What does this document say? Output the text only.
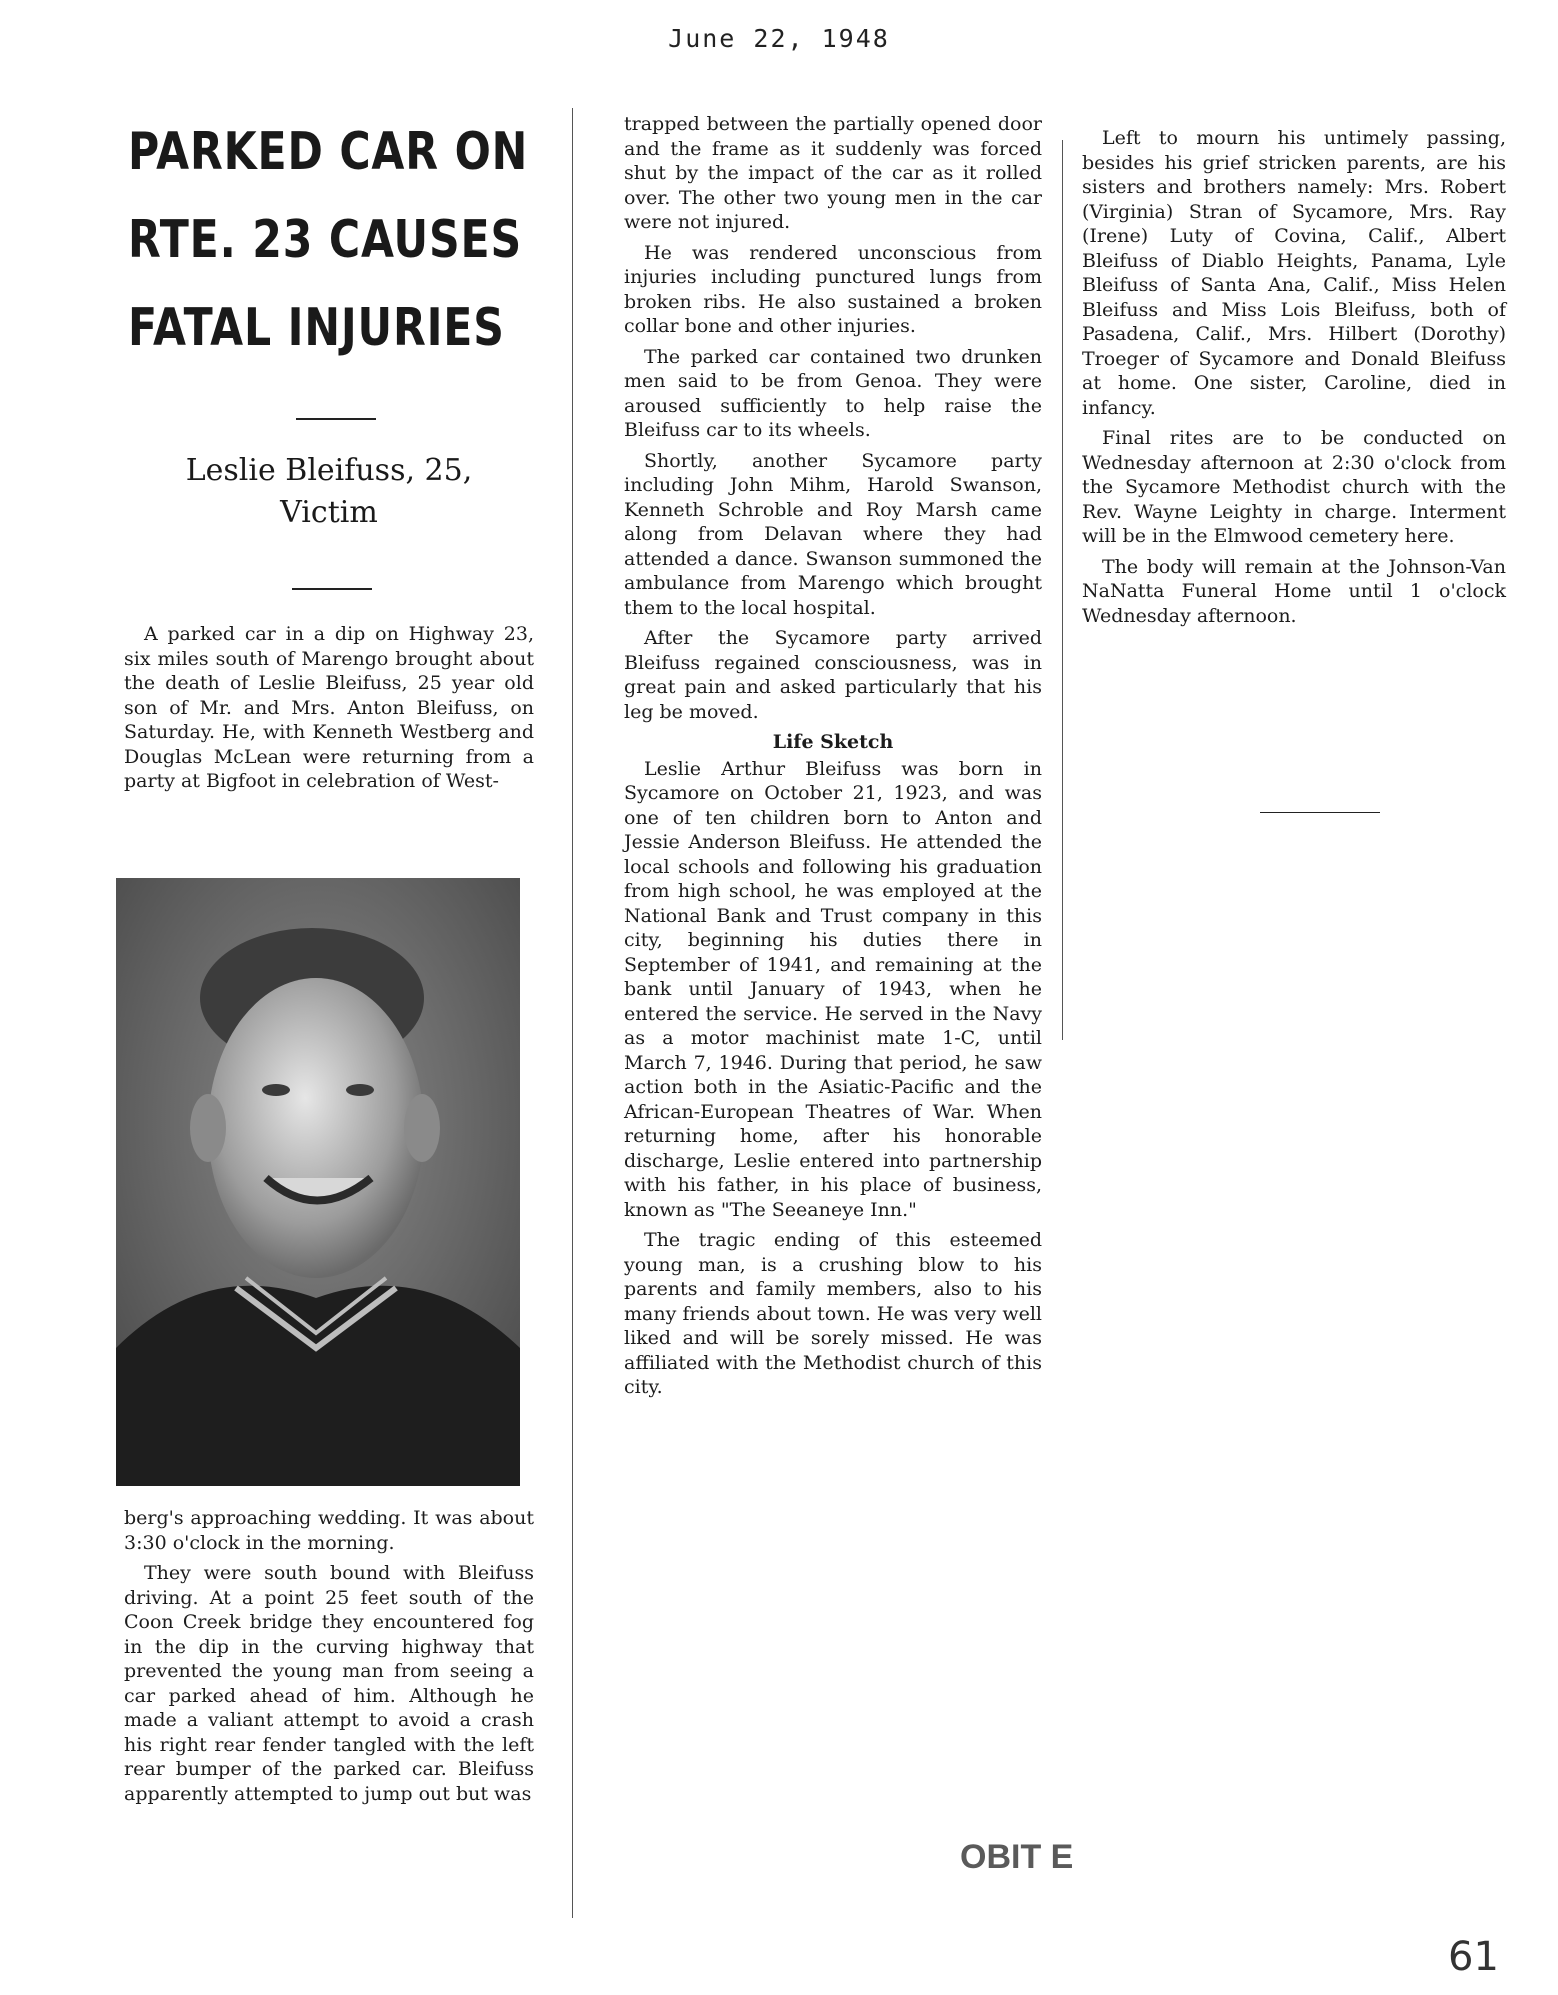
June 22, 1948
PARKED CAR ON
RTE. 23 CAUSES
FATAL INJURIES
Leslie Bleifuss, 25,
Victim

A parked car in a dip on Highway 23, six miles south of Marengo brought about the death of Leslie Bleifuss, 25 year old son of Mr. and Mrs. Anton Bleifuss, on Saturday. He, with Kenneth Westberg and Douglas McLean were returning from a party at Bigfoot in celebration of West-

berg's approaching wedding. It was about 3:30 o'clock in the morning.

They were south bound with Bleifuss driving. At a point 25 feet south of the Coon Creek bridge they encountered fog in the dip in the curving highway that prevented the young man from seeing a car parked ahead of him. Although he made a valiant attempt to avoid a crash his right rear fender tangled with the left rear bumper of the parked car. Bleifuss apparently attempted to jump out but was

trapped between the partially opened door and the frame as it suddenly was forced shut by the impact of the car as it rolled over. The other two young men in the car were not injured.

He was rendered unconscious from injuries including punctured lungs from broken ribs. He also sustained a broken collar bone and other injuries.

The parked car contained two drunken men said to be from Genoa. They were aroused sufficiently to help raise the Bleifuss car to its wheels.

Shortly, another Sycamore party including John Mihm, Harold Swanson, Kenneth Schroble and Roy Marsh came along from Delavan where they had attended a dance. Swanson summoned the ambulance from Marengo which brought them to the local hospital.

After the Sycamore party arrived Bleifuss regained consciousness, was in great pain and asked particularly that his leg be moved.

Life Sketch

Leslie Arthur Bleifuss was born in Sycamore on October 21, 1923, and was one of ten children born to Anton and Jessie Anderson Bleifuss. He attended the local schools and following his graduation from high school, he was employed at the National Bank and Trust company in this city, beginning his duties there in September of 1941, and remaining at the bank until January of 1943, when he entered the service. He served in the Navy as a motor machinist mate 1-C, until March 7, 1946. During that period, he saw action both in the Asiatic-Pacific and the African-European Theatres of War. When returning home, after his honorable discharge, Leslie entered into partnership with his father, in his place of business, known as "The Seeaneye Inn."

The tragic ending of this esteemed young man, is a crushing blow to his parents and family members, also to his many friends about town. He was very well liked and will be sorely missed. He was affiliated with the Methodist church of this city.

Left to mourn his untimely passing, besides his grief stricken parents, are his sisters and brothers namely: Mrs. Robert (Virginia) Stran of Sycamore, Mrs. Ray (Irene) Luty of Covina, Calif., Albert Bleifuss of Diablo Heights, Panama, Lyle Bleifuss of Santa Ana, Calif., Miss Helen Bleifuss and Miss Lois Bleifuss, both of Pasadena, Calif., Mrs. Hilbert (Dorothy) Troeger of Sycamore and Donald Bleifuss at home. One sister, Caroline, died in infancy.

Final rites are to be conducted on Wednesday afternoon at 2:30 o'clock from the Sycamore Methodist church with the Rev. Wayne Leighty in charge. Interment will be in the Elmwood cemetery here.

The body will remain at the Johnson-Van NaNatta Funeral Home until 1 o'clock Wednesday afternoon.

OBIT E
61
